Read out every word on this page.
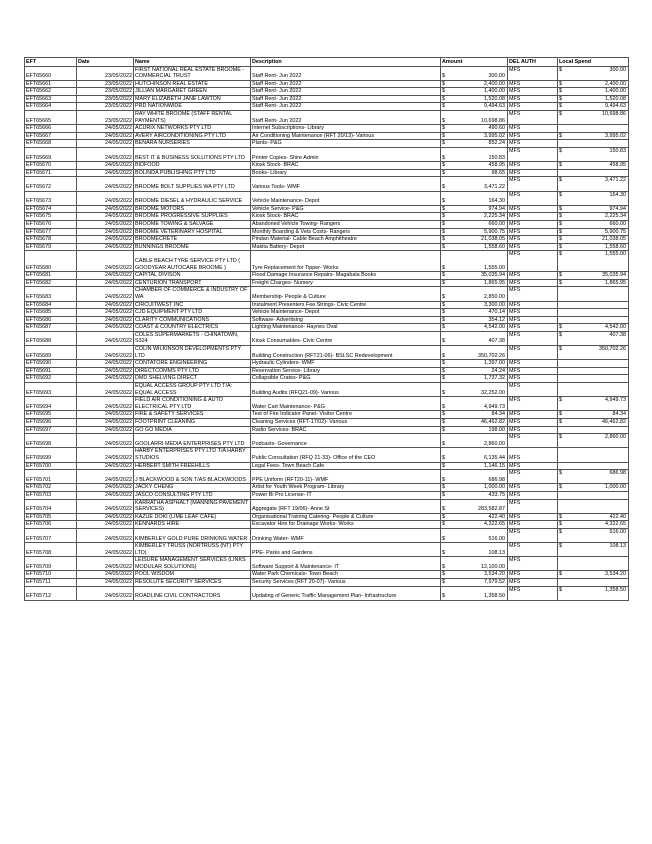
EFT	Date	Name	Description	Amount	DEL AUTH	Local Spend
EFT65660	23/05/2022	FIRST NATIONAL REAL ESTATE BROOME - COMMERCIAL TRUST	Staff Rent- Jun 2022	$ 300.00	MFS	$ 300.00

EFT65661	23/05/2022	HUTCHINSON REAL ESTATE	Staff Rent- Jun 2022	$ 2,400.00	MFS	$ 2,400.00

EFT65662	23/05/2022	JILLIAN MARGARET GREEN	Staff Rent- Jun 2022	$ 1,400.00	MFS	$ 1,400.00

EFT65663	23/05/2022	MARY ELIZABETH JANE LAWTON	Staff Rent- Jun 2022	$ 1,520.08	MFS	$ 1,520.08

EFT65664	23/05/2022	PRD NATIONWIDE	Staff Rent- Jun 2022	$ 9,494.63	MFS	$ 9,494.63

EFT65665	23/05/2022	RAY WHITE BROOME (STAFF RENTAL PAYMENTS)	Staff Rent- Jun 2022	$ 10,698.86	MFS	$ 10,698.86

EFT65666	24/05/2022	ACURIX NETWORKS PTY LTD	Internet Subscriptions- Library	$ 490.60	MFS	
EFT65667	24/05/2022	AVERY AIRCONDITIONING PTY LTD	Air Conditioning Maintenance (RFT 20/13)- Various	$ 3,995.02	MFS	$ 3,995.02

EFT65668	24/05/2022	BENARA NURSERIES	Plants- P&G	$ 852.24	MFS	
EFT65669	24/05/2022	BEST IT & BUSINESS SOLUTIONS PTY LTD	Printer Copies- Shire Admin	$ 150.83	MFS	$ 150.83

EFT65670	24/05/2022	BIDFOOD	Kiosk Stock- BRAC	$ 458.95	MFS	$ 458.95

EFT65671	24/05/2022	BOLINDA PUBLISHING PTY LTD	Books- Library	$ 98.65	MFS	
EFT65672	24/05/2022	BROOME BOLT SUPPLIES WA PTY LTD	Various Tools- WMF	$ 3,471.22	MFS	$ 3,471.22

EFT65673	24/05/2022	BROOME DIESEL & HYDRAULIC SERVICE	Vehicle Maintenance- Depot	$ 164.30	MFS	$ 164.30

EFT65674	24/05/2022	BROOME MOTORS	Vehicle Service- P&G	$ 974.94	MFS	$ 974.94

EFT65675	24/05/2022	BROOME PROGRESSIVE SUPPLIES	Kiosk Stock- BRAC	$ 2,225.34	MFS	$ 2,225.34

EFT65676	24/05/2022	BROOME TOWING & SALVAGE	Abandoned Vehicle Towing- Rangers	$ 660.00	MFS	$ 660.00

EFT65677	24/05/2022	BROOME VETERINARY HOSPITAL	Monthly Boarding & Vets Costs- Rangers	$ 5,900.75	MFS	$ 5,900.75

EFT65678	24/05/2022	BROOMECRETE	Pindan Material- Cable Beach Amphitheatre	$ 21,038.05	MFS	$ 21,038.05

EFT65679	24/05/2022	BUNNINGS BROOME	Makita Battery- Depot	$ 1,558.60	MFS	$ 1,558.60

EFT65680	24/05/2022	CABLE BEACH TYRE SERVICE PTY LTD ( GOODYEAR AUTOCARE BROOME )	Tyre Replacement for Tipper- Works	$ 1,555.00	MFS	$ 1,555.00

EFT65681	24/05/2022	CAPITAL DIVISON	Flood Damage Insurance Repairs- Magabala Books	$ 35,035.94	MFS	$ 35,035.94

EFT65682	24/05/2022	CENTURION TRANSPORT	Freight Charges- Nursery	$ 1,865.95	MFS	$ 1,865.95

EFT65683	24/05/2022	CHAMBER OF COMMERCE & INDUSTRY OF WA	Membership- People & Culture	$ 2,850.00	MFS	
EFT65684	24/05/2022	CIRCUITWEST INC	Instalment Presenters Fee Strings- Civic Centre	$ 3,300.00	MFS	
EFT65685	24/05/2022	CJD EQUIPMENT PTY LTD	Vehicle Maintenance- Depot	$ 470.14	MFS	
EFT65686	24/05/2022	CLARITY COMMUNICATIONS	Software- Advertising	$ 354.12	MFS	
EFT65687	24/05/2022	COAST & COUNTRY ELECTRICS	Lighting Maintenance- Haynes Oval	$ 4,542.00	MFS	$ 4,542.00

EFT65688	24/05/2022	COLES SUPERMARKETS - CHINATOWN, S324	Kiosk Consumables- Civic Centre	$ 407.38	MFS	$ 407.38

EFT65689	24/05/2022	COLIN WILKINSON DEVELOPMENTS PTY LTD	Building Construction (RFT21-06)- BSLSC Redevelopment	$ 350,702.26	MFS	$ 350,702.26

EFT65690	24/05/2022	CONTATORE ENGINEERING	Hydraulic Cylinders- WMF	$ 1,397.00	MFS	
EFT65691	24/05/2022	DIRECTCOMMS PTY LTD	Reservation Service- Library	$ 24.24	MFS	
EFT65692	24/05/2022	DMD SHELVING DIRECT	Collapsible Crates- P&G	$ 1,737.32	MFS	
EFT65693	24/05/2022	EQUAL ACCESS GROUP PTY LTD T/A: EQUAL ACCESS	Building Audits (RFQ21-09)- Various	$ 32,252.00	MFS	
EFT65694	24/05/2022	FIELD AIR CONDITIONING & AUTO ELECTRICAL PTY LTD	Water Cart Maintenance- P&G	$ 4,949.73	MFS	$ 4,949.73

EFT65695	24/05/2022	FIRE & SAFETY SERVICES	Test of Fire Indicator Panel- Visitor Centre	$ 84.34	MFS	$ 84.34

EFT65696	24/05/2022	FOOTPRINT CLEANING	Cleaning Services (RFT-17/02)- Various	$ 46,462.82	MFS	$ 46,462.82

EFT65697	24/05/2022	GO GO MEDIA	Radio Services- BRAC	$ 198.00	MFS	
EFT65698	24/05/2022	GOOLARRI MEDIA ENTERPRISES PTY LTD	Podcasts- Governance	$ 2,860.00	MFS	$ 2,860.00

EFT65699	24/05/2022	HARBY ENTERPRISES PTY LTD T/A HARBY STUDIOS	Public Consultation (RFQ 21-33)- Office of the CEO	$ 6,135.44	MFS	
EFT65700	24/05/2022	HERBERT SMITH FREEHILLS	Legal Fees- Town Beach Cafe	$ 1,146.15	MFS	
EFT65701	24/05/2022	J BLACKWOOD & SON T/AS BLACKWOODS	PPE Uniform (RFT20-11)- WMF	$ 686.98	MFS	$ 686.98

EFT65702	24/05/2022	JACKY CHENG	Artist for Youth Week Program- Library	$ 1,000.00	MFS	$ 1,000.00

EFT65703	24/05/2022	JASCO CONSULTING PTY LTD	Power Bi Pro License- IT	$ 433.75	MFS	
EFT65704	24/05/2022	KARRATHA ASPHALT (MANNING PAVEMENT SERVICES)	Aggregate (RFT 19/06)- Anne St	$ 283,582.87	MFS	
EFT65705	24/05/2022	KAZUE DOKI (LIME LEAF CAFE)	Organisational Training Catering- People & Culture	$ 422.40	MFS	$ 422.40

EFT65706	24/05/2022	KENNARDS HIRE	Excavator Hire for Drainage Works- Works	$ 4,322.65	MFS	$ 4,322.65

EFT65707	24/05/2022	KIMBERLEY GOLD PURE DRINKING WATER	Drinking Water- WMF	$ 516.00	MFS	$ 516.00

EFT65708	24/05/2022	KIMBERLEY TRUSS (NORTRUSS (NT) PTY LTD)	PPE- Parks and Gardens	$ 108.13	MFS	$ 108.13

EFT65709	24/05/2022	LEISURE MANAGEMENT SERVICES (LINKS MODULAR SOLUTIONS)	Software Support & Maintenance- IT	$ 12,100.00	MFS	
EFT65710	24/05/2022	POOL WISDOM	Water Park Chemicals- Town Beach	$ 3,534.20	MFS	$ 3,534.20

EFT65711	24/05/2022	RESOLUTE SECURITY SERVICES	Security Services (RFT 20-07)- Various	$ 7,979.52	MFS	
EFT65712	24/05/2022	ROADLINE CIVIL CONTRACTORS	Updating of Generic Traffic Management Plan- Infrastructure	$ 1,358.50	MFS	$ 1,358.50
